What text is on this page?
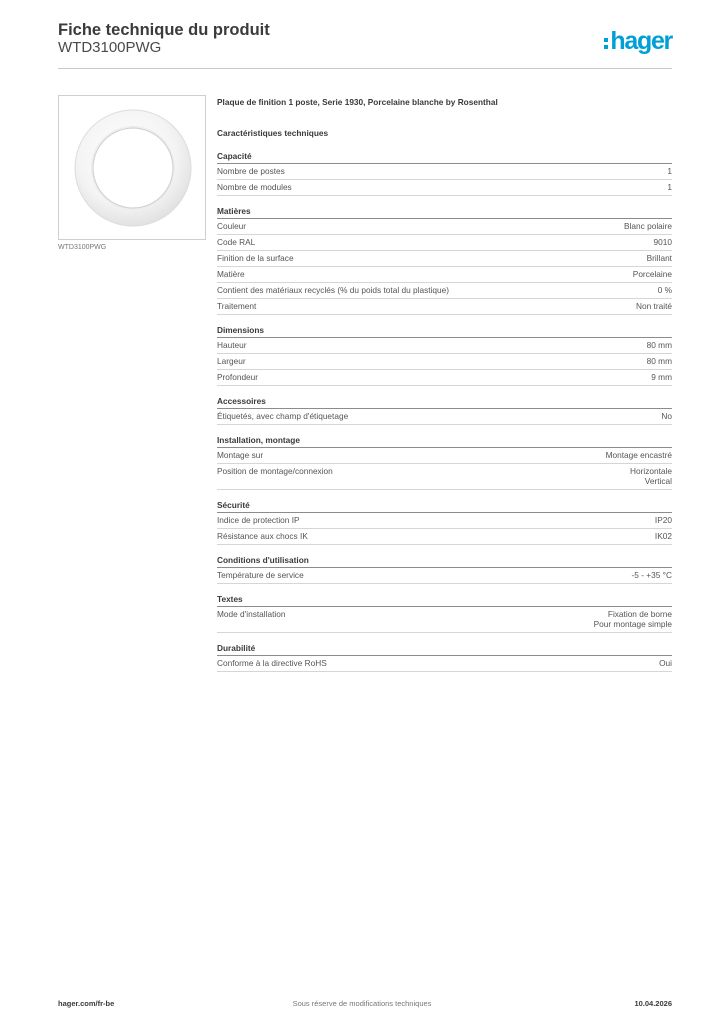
Fiche technique du produit
WTD3100PWG	hager
WTD3100PWG
Plaque de finition 1 poste, Serie 1930, Porcelaine blanche by Rosenthal
Caractéristiques techniques
Capacité
Nombre de postes	1
Nombre de modules	1
Matières
Couleur	Blanc polaire
Code RAL	9010
Finition de la surface	Brillant
Matière	Porcelaine
Contient des matériaux recyclés (% du poids total du plastique)	0 %
Traitement	Non traité
Dimensions
Hauteur	80 mm
Largeur	80 mm
Profondeur	9 mm
Accessoires
Étiquetés, avec champ d'étiquetage	No
Installation, montage
Montage sur	Montage encastré
Position de montage/connexion	Horizontale
Vertical
Sécurité
Indice de protection IP	IP20
Résistance aux chocs IK	IK02
Conditions d'utilisation
Température de service	-5 - +35 °C
Textes
Mode d'installation	Fixation de borne
Pour montage simple
Durabilité
Conforme à la directive RoHS	Oui
hager.com/fr-be	Sous réserve de modifications techniques	10.04.2026
